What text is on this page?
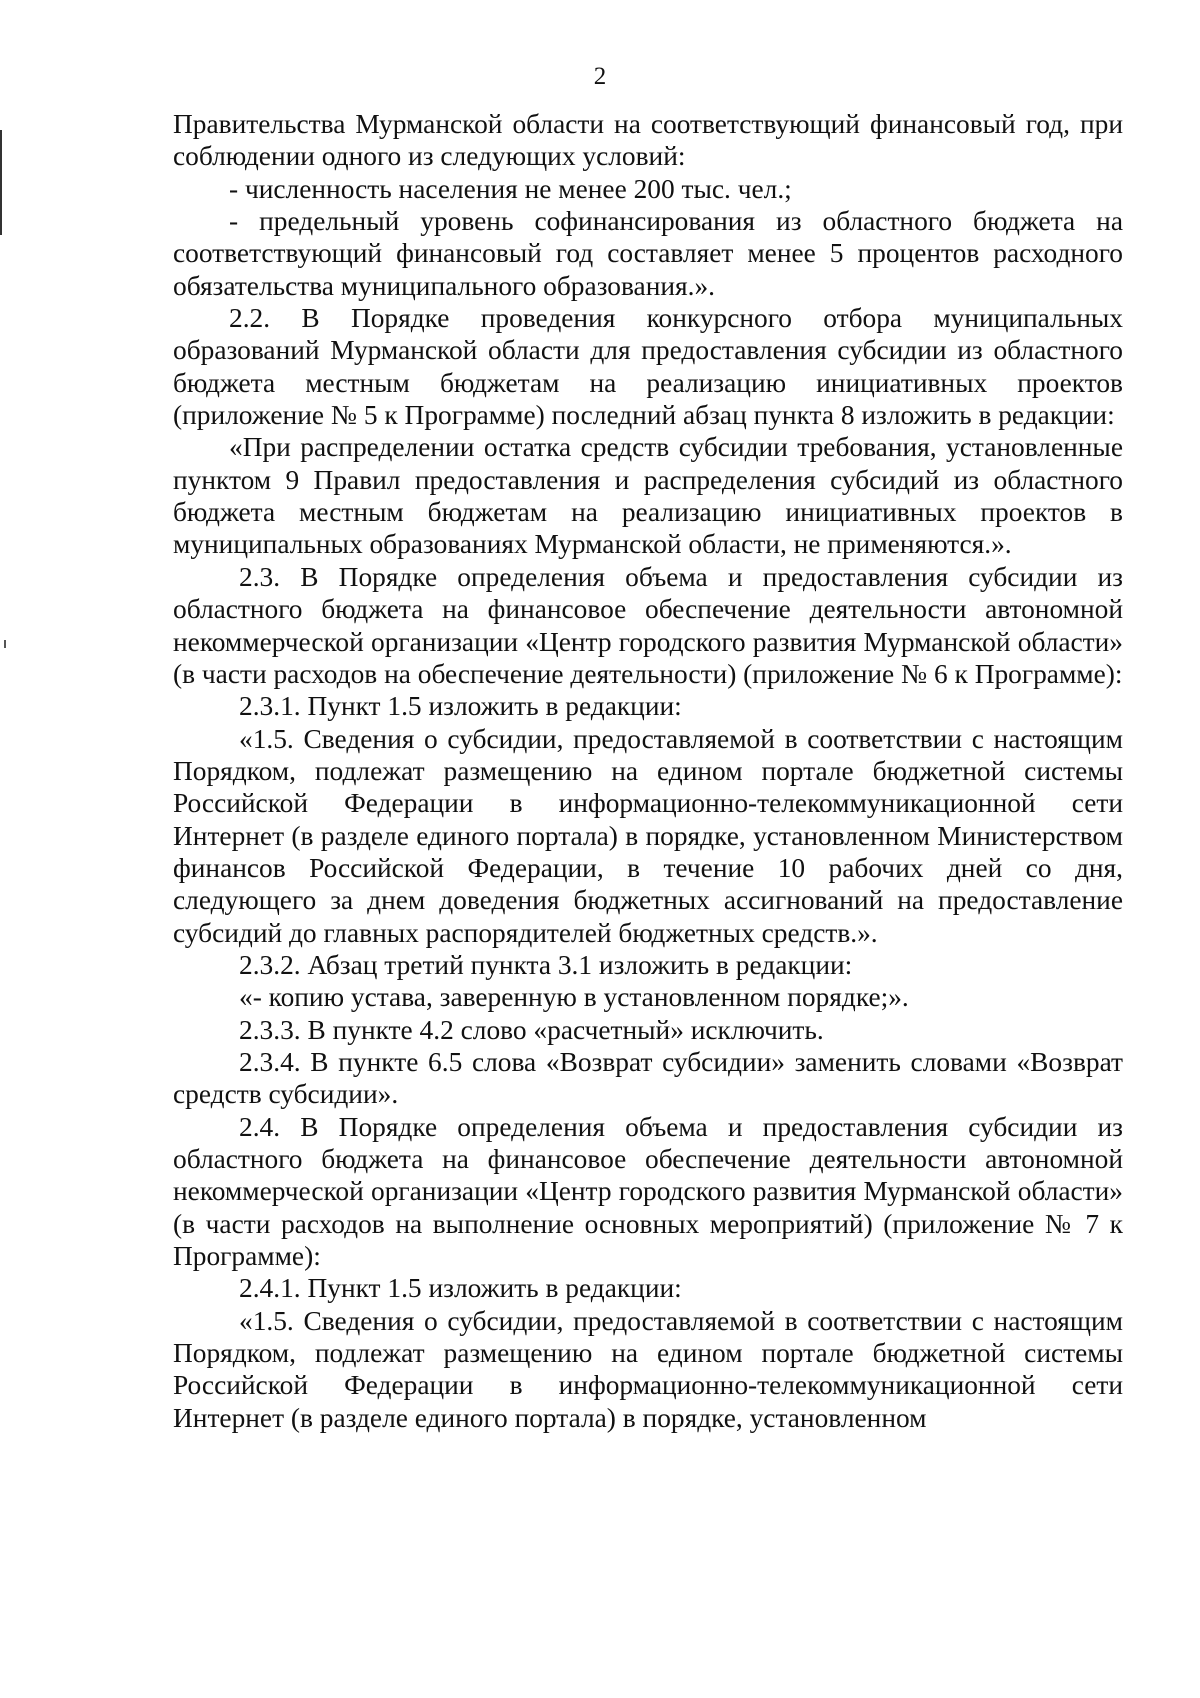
2

Правительства Мурманской области на соответствующий финансовый год, при соблюдении одного из следующих условий:

- численность населения не менее 200 тыс. чел.;

- предельный уровень софинансирования из областного бюджета на соответствующий финансовый год составляет менее 5 процентов расходного обязательства муниципального образования.».

2.2. В Порядке проведения конкурсного отбора муниципальных образований Мурманской области для предоставления субсидии из областного бюджета местным бюджетам на реализацию инициативных проектов (приложение № 5 к Программе) последний абзац пункта 8 изложить в редакции:

«При распределении остатка средств субсидии требования, установленные пунктом 9 Правил предоставления и распределения субсидий из областного бюджета местным бюджетам на реализацию инициативных проектов в муниципальных образованиях Мурманской области, не применяются.».

2.3. В Порядке определения объема и предоставления субсидии из областного бюджета на финансовое обеспечение деятельности автономной некоммерческой организации «Центр городского развития Мурманской области» (в части расходов на обеспечение деятельности) (приложение № 6 к Программе):

2.3.1. Пункт 1.5 изложить в редакции:

«1.5. Сведения о субсидии, предоставляемой в соответствии с настоящим Порядком, подлежат размещению на едином портале бюджетной системы Российской Федерации в информационно-телекоммуникационной сети Интернет (в разделе единого портала) в порядке, установленном Министерством финансов Российской Федерации, в течение 10 рабочих дней со дня, следующего за днем доведения бюджетных ассигнований на предоставление субсидий до главных распорядителей бюджетных средств.».

2.3.2. Абзац третий пункта 3.1 изложить в редакции:

«- копию устава, заверенную в установленном порядке;».

2.3.3. В пункте 4.2 слово «расчетный» исключить.

2.3.4. В пункте 6.5 слова «Возврат субсидии» заменить словами «Возврат средств субсидии».

2.4. В Порядке определения объема и предоставления субсидии из областного бюджета на финансовое обеспечение деятельности автономной некоммерческой организации «Центр городского развития Мурманской области» (в части расходов на выполнение основных мероприятий) (приложение № 7 к Программе):

2.4.1. Пункт 1.5 изложить в редакции:

«1.5. Сведения о субсидии, предоставляемой в соответствии с настоящим Порядком, подлежат размещению на едином портале бюджетной системы Российской Федерации в информационно-телекоммуникационной сети Интернет (в разделе единого портала) в порядке, установленном
